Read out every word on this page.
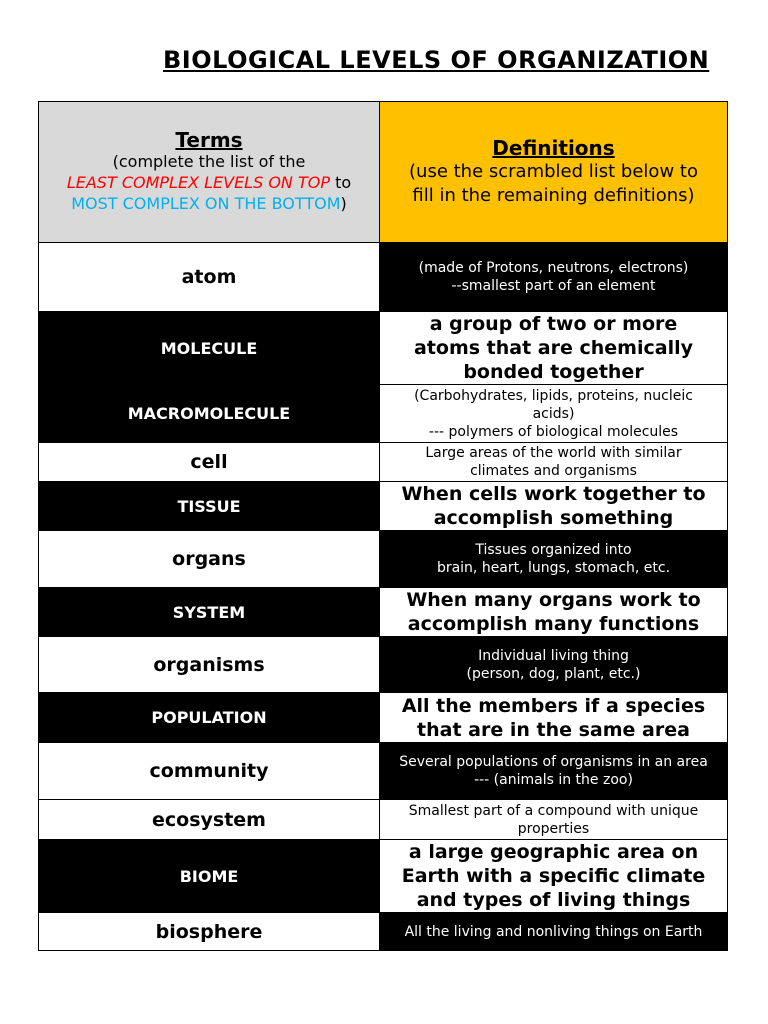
BIOLOGICAL LEVELS OF ORGANIZATION
Terms
(complete the list of the
LEAST COMPLEX LEVELS ON TOP to
MOST COMPLEX ON THE BOTTOM)	Definitions
(use the scrambled list below to
fill in the remaining definitions)

atom	(made of Protons, neutrons, electrons)
--smallest part of an element

MOLECULE	a group of two or more
atoms that are chemically
bonded together

MACROMOLECULE	(Carbohydrates, lipids, proteins, nucleic
acids)
--- polymers of biological molecules

cell	Large areas of the world with similar
climates and organisms

TISSUE	When cells work together to
accomplish something

organs	Tissues organized into
brain, heart, lungs, stomach, etc.

SYSTEM	When many organs work to
accomplish many functions

organisms	Individual living thing
(person, dog, plant, etc.)

POPULATION	All the members if a species
that are in the same area

community	Several populations of organisms in an area
--- (animals in the zoo)

ecosystem	Smallest part of a compound with unique
properties

BIOME	a large geographic area on
Earth with a specific climate
and types of living things

biosphere	All the living and nonliving things on Earth
